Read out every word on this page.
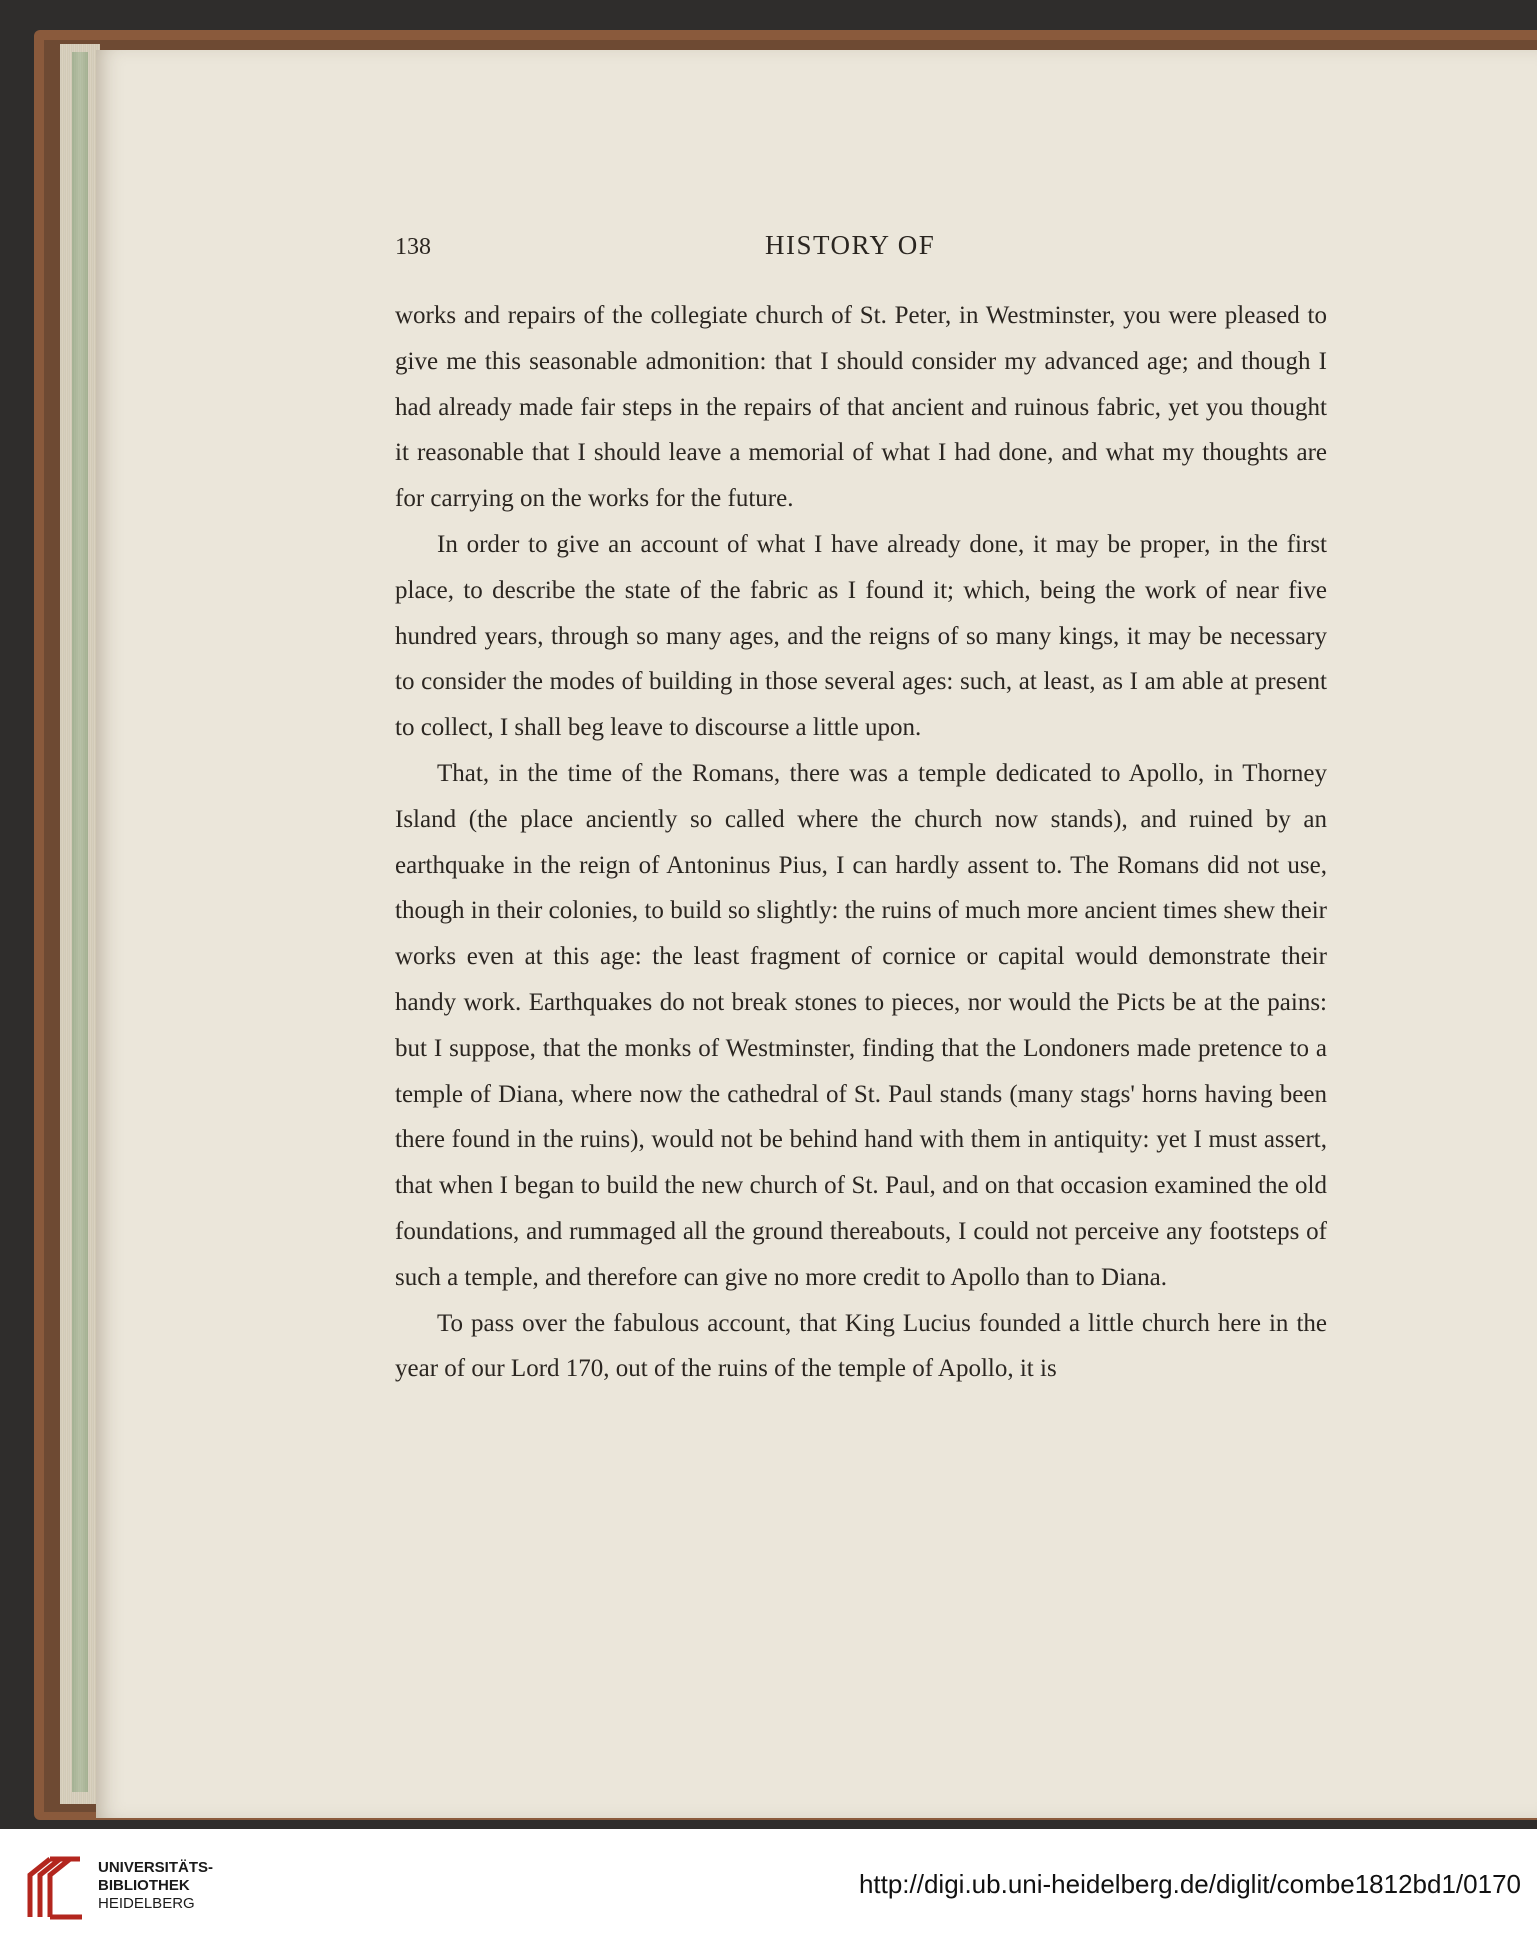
138	HISTORY OF

works and repairs of the collegiate church of St. Peter, in Westminster, you were pleased to give me this seasonable admonition: that I should consider my advanced age; and though I had already made fair steps in the repairs of that ancient and ruinous fabric, yet you thought it reasonable that I should leave a memorial of what I had done, and what my thoughts are for carrying on the works for the future.

In order to give an account of what I have already done, it may be proper, in the first place, to describe the state of the fabric as I found it; which, being the work of near five hundred years, through so many ages, and the reigns of so many kings, it may be necessary to consider the modes of building in those several ages: such, at least, as I am able at present to collect, I shall beg leave to discourse a little upon.

That, in the time of the Romans, there was a temple dedicated to Apollo, in Thorney Island (the place anciently so called where the church now stands), and ruined by an earthquake in the reign of Antoninus Pius, I can hardly assent to. The Romans did not use, though in their colonies, to build so slightly: the ruins of much more ancient times shew their works even at this age: the least fragment of cornice or capital would demonstrate their handy work. Earthquakes do not break stones to pieces, nor would the Picts be at the pains: but I suppose, that the monks of Westminster, finding that the Londoners made pretence to a temple of Diana, where now the cathedral of St. Paul stands (many stags' horns having been there found in the ruins), would not be behind hand with them in antiquity: yet I must assert, that when I began to build the new church of St. Paul, and on that occasion examined the old foundations, and rummaged all the ground thereabouts, I could not perceive any footsteps of such a temple, and therefore can give no more credit to Apollo than to Diana.

To pass over the fabulous account, that King Lucius founded a little church here in the year of our Lord 170, out of the ruins of the temple of Apollo, it is

UNIVERSITÄTS-
BIBLIOTHEK
HEIDELBERG
http://digi.ub.uni-heidelberg.de/diglit/combe1812bd1/0170
